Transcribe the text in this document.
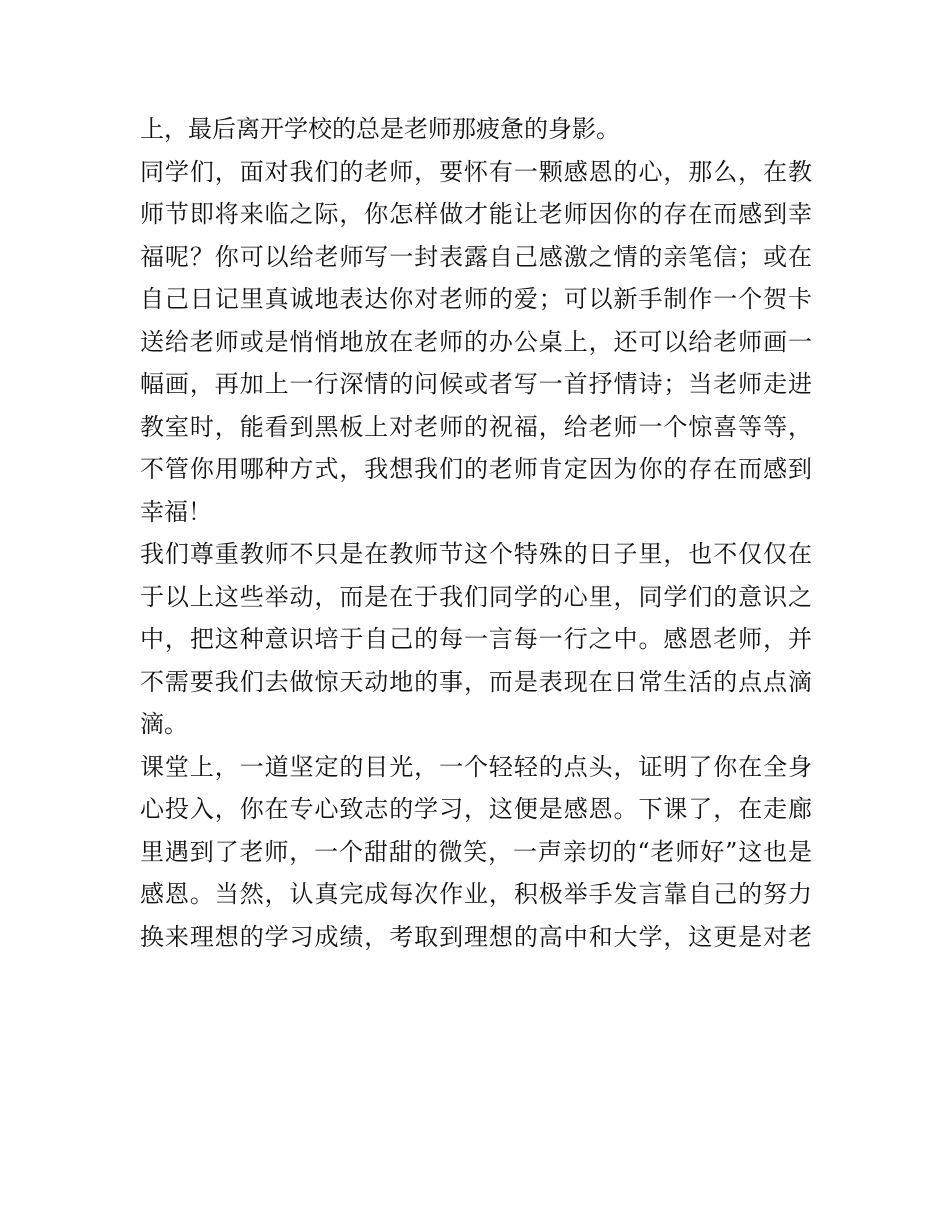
上，最后离开学校的总是老师那疲惫的身影。
同学们，面对我们的老师，要怀有一颗感恩的心，那么，在教
师节即将来临之际，你怎样做才能让老师因你的存在而感到幸
福呢？你可以给老师写一封表露自己感激之情的亲笔信；或在
自己日记里真诚地表达你对老师的爱；可以新手制作一个贺卡
送给老师或是悄悄地放在老师的办公桌上，还可以给老师画一
幅画，再加上一行深情的问候或者写一首抒情诗；当老师走进
教室时，能看到黑板上对老师的祝福，给老师一个惊喜等等，
不管你用哪种方式，我想我们的老师肯定因为你的存在而感到
幸福！
我们尊重教师不只是在教师节这个特殊的日子里，也不仅仅在
于以上这些举动，而是在于我们同学的心里，同学们的意识之
中，把这种意识培于自己的每一言每一行之中。感恩老师，并
不需要我们去做惊天动地的事，而是表现在日常生活的点点滴
滴。
课堂上，一道坚定的目光，一个轻轻的点头，证明了你在全身
心投入，你在专心致志的学习，这便是感恩。下课了，在走廊
里遇到了老师，一个甜甜的微笑，一声亲切的“老师好”这也是
感恩。当然，认真完成每次作业，积极举手发言靠自己的努力
换来理想的学习成绩，考取到理想的高中和大学，这更是对老
